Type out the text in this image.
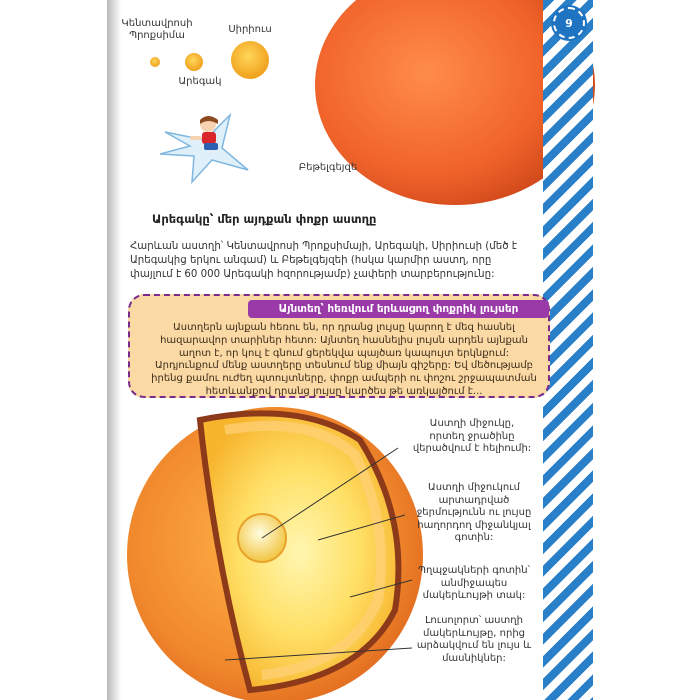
9
Կենտավրոսի
Պրոքսիմա
Արեգակ
Սիրիուս
Բեթելգեյզե
Արեգակը՝ մեր այդքան փոքր աստղը
Հարևան աստղի՝ Կենտավրոսի Պրոքսիմայի, Արեգակի, Սիրիուսի (մեծ է Արեգակից երկու անգամ) և Բեթելգեյզեի (հսկա կարմիր աստղ, որը փայլում է 60 000 Արեգակի հզորությամբ) չափերի տարբերությունը:
Այնտեղ՝ հեռվում երևացող փոքրիկ լույսեր
Աստղերն այնքան հեռու են, որ դրանց լույսը կարող է մեզ հասնել հազարավոր տարիներ հետո: Այնտեղ հասնելիս լույսն արդեն այնքան աղոտ է, որ կուլ է գնում ցերեկվա պայծառ կապույտ երկնքում: Արդյունքում մենք աստղերը տեսնում ենք միայն գիշերը: Եվ մեծությամբ իրենց քամու ուժեղ պտույտները, փոքր ամպերի ու փոշու շրջապատման հետևանքով դրանց լույսը կարծես թե առկայծում է...
Աստղի միջուկը, որտեղ ջրածինը վերածվում է հելիումի:
Աստղի միջուկում արտադրված ջերմությունն ու լույսը հաղորդող միջանկյալ գոտին:
Պղպջակների գոտին՝ անմիջապես մակերևույթի տակ:
Լուսոլորտ՝ աստղի մակերևույթը, որից արձակվում են լույս և մասնիկներ:
